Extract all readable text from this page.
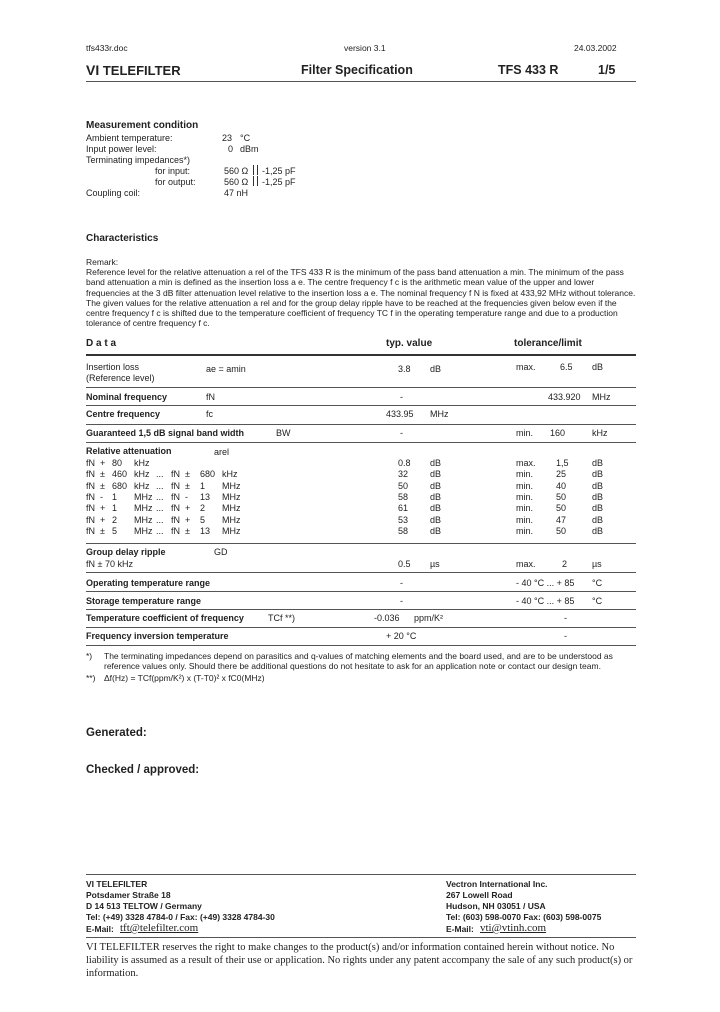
tfs433r.doc	version 3.1	24.03.2002
VI TELEFILTER	Filter Specification	TFS 433 R	1/5
Measurement condition
Ambient temperature:	23 °C
Input power level:	0 dBm
Terminating impedances*)
for input:	560 Ω -1,25 pF
for output:	560 Ω -1,25 pF
Coupling coil:	47 nH
Characteristics
Remark:
Reference level for the relative attenuation a rel of the TFS 433 R is the minimum of the pass band attenuation a min. The minimum of the pass band attenuation a min is defined as the insertion loss a e. The centre frequency f c is the arithmetic mean value of the upper and lower frequencies at the 3 dB filter attenuation level relative to the insertion loss a e. The nominal frequency f N is fixed at 433,92 MHz without tolerance. The given values for the relative attenuation a rel and for the group delay ripple have to be reached at the frequencies given below even if the centre frequency f c is shifted due to the temperature coefficient of frequency TC f in the operating temperature range and due to a production tolerance of centre frequency f c.
D a t a	typ. value	tolerance/limit
Insertion loss
(Reference level)
ae = amin	3.8 dB	max.	6.5 dB
Nominal frequency	fN	-	433.920 MHz
Centre frequency	fc	433.95 MHz
Guaranteed 1,5 dB signal band width	BW	-	min. 160	kHz
Relative attenuation	arel
fN + 80 kHz	0.8 dB	max. 1,5	dB
fN ± 460 kHz ... fN ± 680 kHz	32 dB	min.	25	dB
fN ± 680 kHz ... fN ± 1 MHz	50 dB	min.	40	dB
fN - 1 MHz ... fN - 13 MHz	58 dB	min.	50	dB
fN + 1 MHz ... fN + 2 MHz	61 dB	min.	50	dB
fN + 2 MHz ... fN + 5 MHz	53 dB	min.	47	dB
fN ± 5 MHz ... fN ± 13 MHz	58 dB	min.	50	dB
Group delay ripple	GD
fN ± 70 kHz	0.5 µs	max.	2	µs
Operating temperature range	-	- 40 °C ... + 85 °C
Storage temperature range	-	- 40 °C ... + 85 °C
Temperature coefficient of frequency	TCf **)	-0.036 ppm/K²	-
Frequency inversion temperature	+ 20 °C	-
*) The terminating impedances depend on parasitics and q-values of matching elements and the board used, and are to be understood as reference values only. Should there be additional questions do not hesitate to ask for an application note or contact our design team.
**) Δf(Hz) = TCf(ppm/K²) x (T-T0)² x fC0(MHz)
Generated:
Checked / approved:
VI TELEFILTER
Potsdamer Straße 18
D 14 513 TELTOW / Germany
Tel: (+49) 3328 4784-0 / Fax: (+49) 3328 4784-30
E-Mail: tft@telefilter.com
Vectron International Inc.
267 Lowell Road
Hudson, NH 03051 / USA
Tel: (603) 598-0070 Fax: (603) 598-0075
E-Mail: vti@vtinh.com
VI TELEFILTER reserves the right to make changes to the product(s) and/or information contained herein without notice. No liability is assumed as a result of their use or application. No rights under any patent accompany the sale of any such product(s) or information.
